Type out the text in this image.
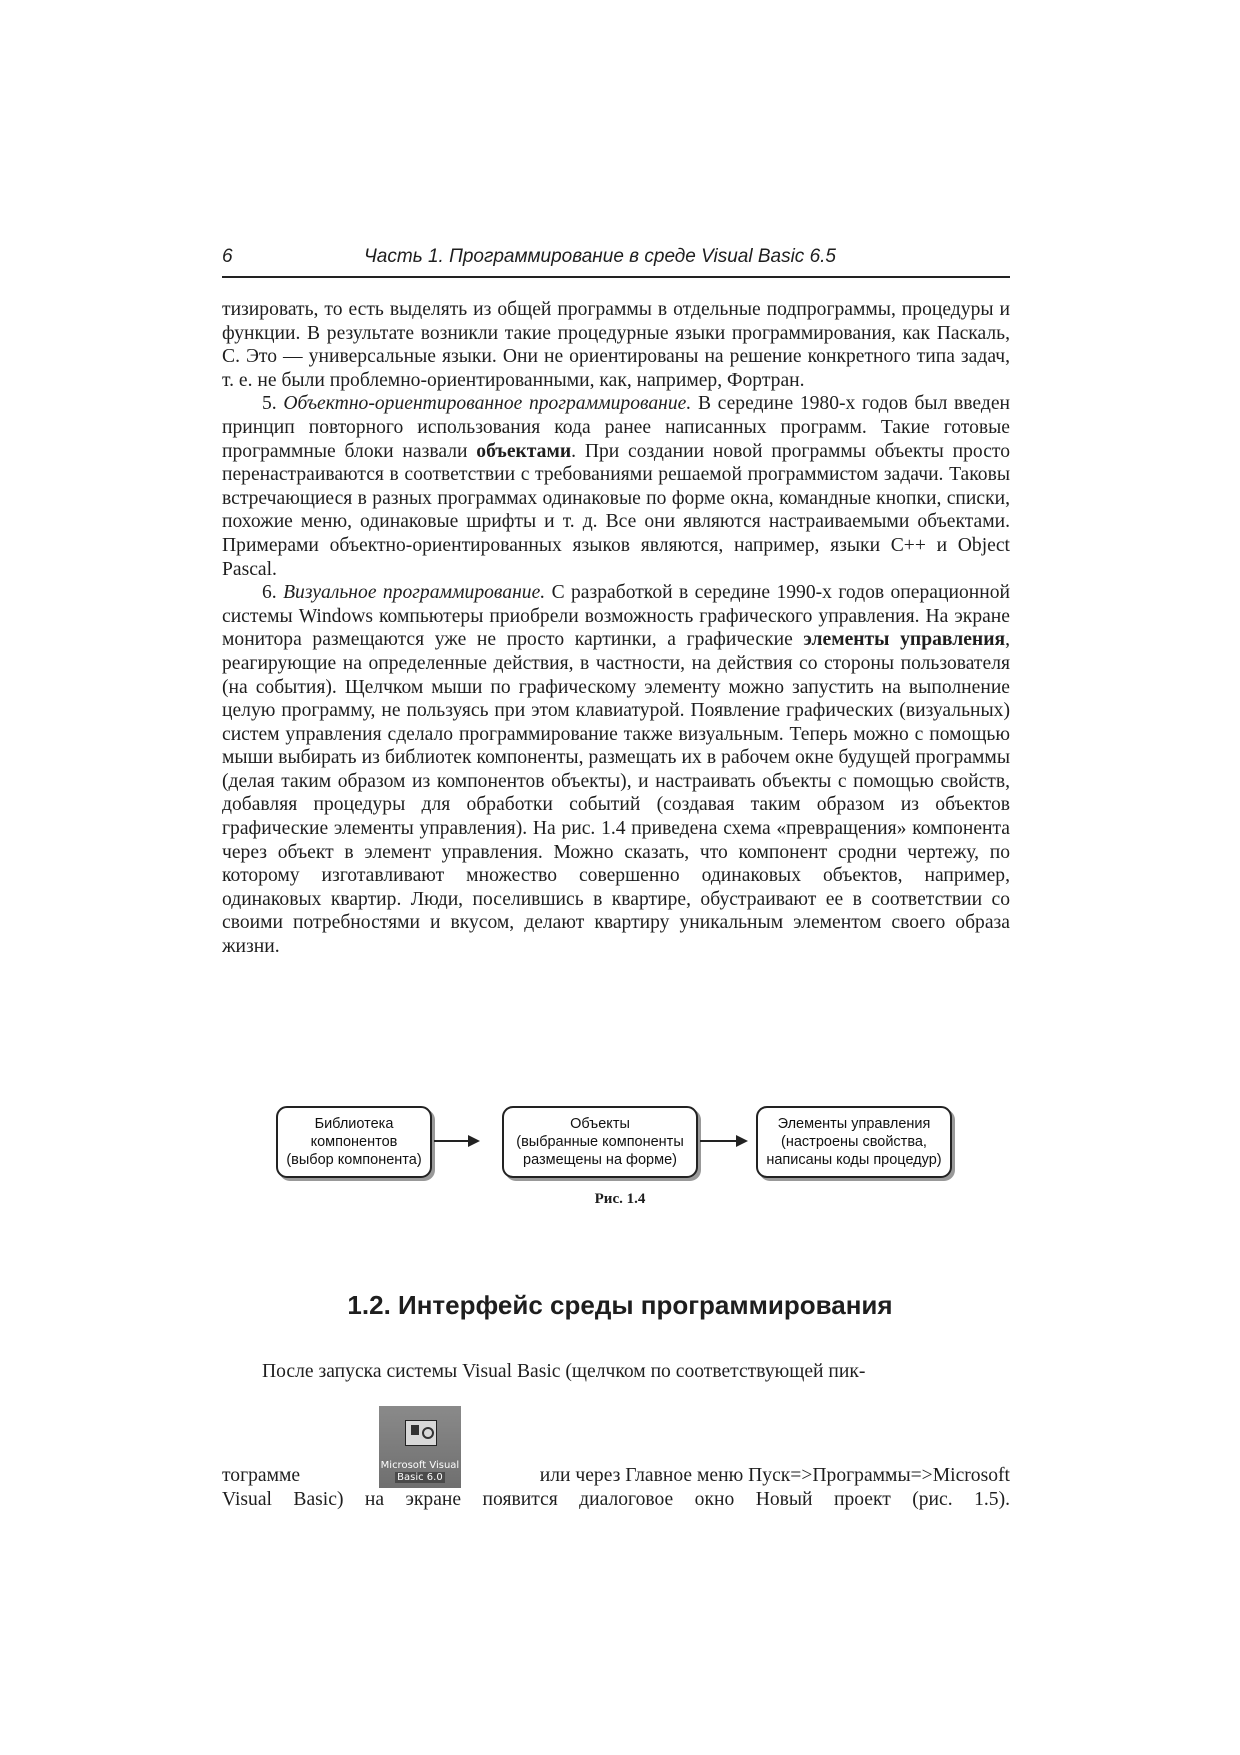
6	Часть 1. Программирование в среде Visual Basic 6.5

тизировать, то есть выделять из общей программы в отдельные подпрограммы, процедуры и функции. В результате возникли такие процедурные языки программирования, как Паскаль, С. Это — универсальные языки. Они не ориентированы на решение конкретного типа задач, т. е. не были проблемно-ориентированными, как, например, Фортран.

5. Объектно-ориентированное программирование. В середине 1980-х годов был введен принцип повторного использования кода ранее написанных программ. Такие готовые программные блоки назвали объектами. При создании новой программы объекты просто перенастраиваются в соответствии с требованиями решаемой программистом задачи. Таковы встречающиеся в разных программах одинаковые по форме окна, командные кнопки, списки, похожие меню, одинаковые шрифты и т. д. Все они являются настраиваемыми объектами. Примерами объектно-ориентированных языков являются, например, языки С++ и Object Pascal.

6. Визуальное программирование. С разработкой в середине 1990-х годов операционной системы Windows компьютеры приобрели возможность графического управления. На экране монитора размещаются уже не просто картинки, а графические элементы управления, реагирующие на определенные действия, в частности, на действия со стороны пользователя (на события). Щелчком мыши по графическому элементу можно запустить на выполнение целую программу, не пользуясь при этом клавиатурой. Появление графических (визуальных) систем управления сделало программирование также визуальным. Теперь можно с помощью мыши выбирать из библиотек компоненты, размещать их в рабочем окне будущей программы (делая таким образом из компонентов объекты), и настраивать объекты с помощью свойств, добавляя процедуры для обработки событий (создавая таким образом из объектов графические элементы управления). На рис. 1.4 приведена схема «превращения» компонента через объект в элемент управления. Можно сказать, что компонент сродни чертежу, по которому изготавливают множество совершенно одинаковых объектов, например, одинаковых квартир. Люди, поселившись в квартире, обустраивают ее в соответствии со своими потребностями и вкусом, делают квартиру уникальным элементом своего образа жизни.

Библиотека
компонентов
(выбор компонента)
Объекты
(выбранные компоненты
размещены на форме)
Элементы управления
(настроены свойства,
написаны коды процедур)
Рис. 1.4
1.2. Интерфейс среды программирования
После запуска системы Visual Basic (щелчком по соответствующей пик-
тограмме	Microsoft Visual
Basic 6.0	или через Главное меню Пуск=>Программы=>Microsoft
Visual Basic) на экране появится диалоговое окно Новый проект (рис. 1.5).
